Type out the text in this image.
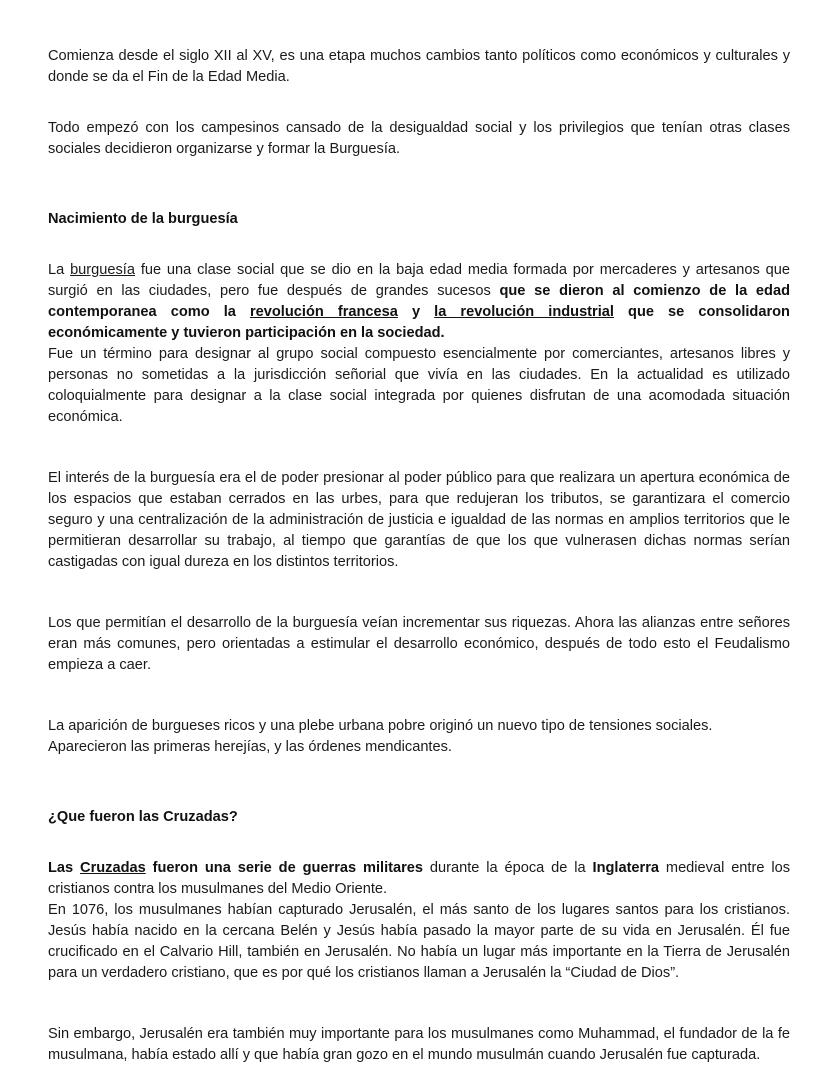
Comienza desde el siglo XII al XV, es una etapa muchos cambios tanto políticos como económicos y culturales y donde se da el Fin de la Edad Media.

Todo empezó con los campesinos cansado de la desigualdad social y los privilegios que tenían otras clases sociales decidieron organizarse y formar la Burguesía.

Nacimiento de la burguesía

La burguesía fue una clase social que se dio en la baja edad media formada por mercaderes y artesanos que surgió en las ciudades, pero fue después de grandes sucesos que se dieron al comienzo de la edad contemporanea como la revolución francesa y la revolución industrial que se consolidaron económicamente y tuvieron participación en la sociedad.

Fue un término para designar al grupo social compuesto esencialmente por comerciantes, artesanos libres y personas no sometidas a la jurisdicción señorial que vivía en las ciudades. En la actualidad es utilizado coloquialmente para designar a la clase social integrada por quienes disfrutan de una acomodada situación económica.

El interés de la burguesía era el de poder presionar al poder público para que realizara un apertura económica de los espacios que estaban cerrados en las urbes, para que redujeran los tributos, se garantizara el comercio seguro y una centralización de la administración de justicia e igualdad de las normas en amplios territorios que le permitieran desarrollar su trabajo, al tiempo que garantías de que los que vulnerasen dichas normas serían castigadas con igual dureza en los distintos territorios.

Los que permitían el desarrollo de la burguesía veían incrementar sus riquezas. Ahora las alianzas entre señores eran más comunes, pero orientadas a estimular el desarrollo económico, después de todo esto el Feudalismo empieza a caer.

La aparición de burgueses ricos y una plebe urbana pobre originó un nuevo tipo de tensiones sociales. Aparecieron las primeras herejías, y las órdenes mendicantes.

¿Que fueron las Cruzadas?

Las Cruzadas fueron una serie de guerras militares durante la época de la Inglaterra medieval entre los cristianos contra los musulmanes del Medio Oriente.

En 1076, los musulmanes habían capturado Jerusalén, el más santo de los lugares santos para los cristianos. Jesús había nacido en la cercana Belén y Jesús había pasado la mayor parte de su vida en Jerusalén. Él fue crucificado en el Calvario Hill, también en Jerusalén. No había un lugar más importante en la Tierra de Jerusalén para un verdadero cristiano, que es por qué los cristianos llaman a Jerusalén la “Ciudad de Dios”.

Sin embargo, Jerusalén era también muy importante para los musulmanes como Muhammad, el fundador de la fe musulmana, había estado allí y que había gran gozo en el mundo musulmán cuando Jerusalén fue capturada.
